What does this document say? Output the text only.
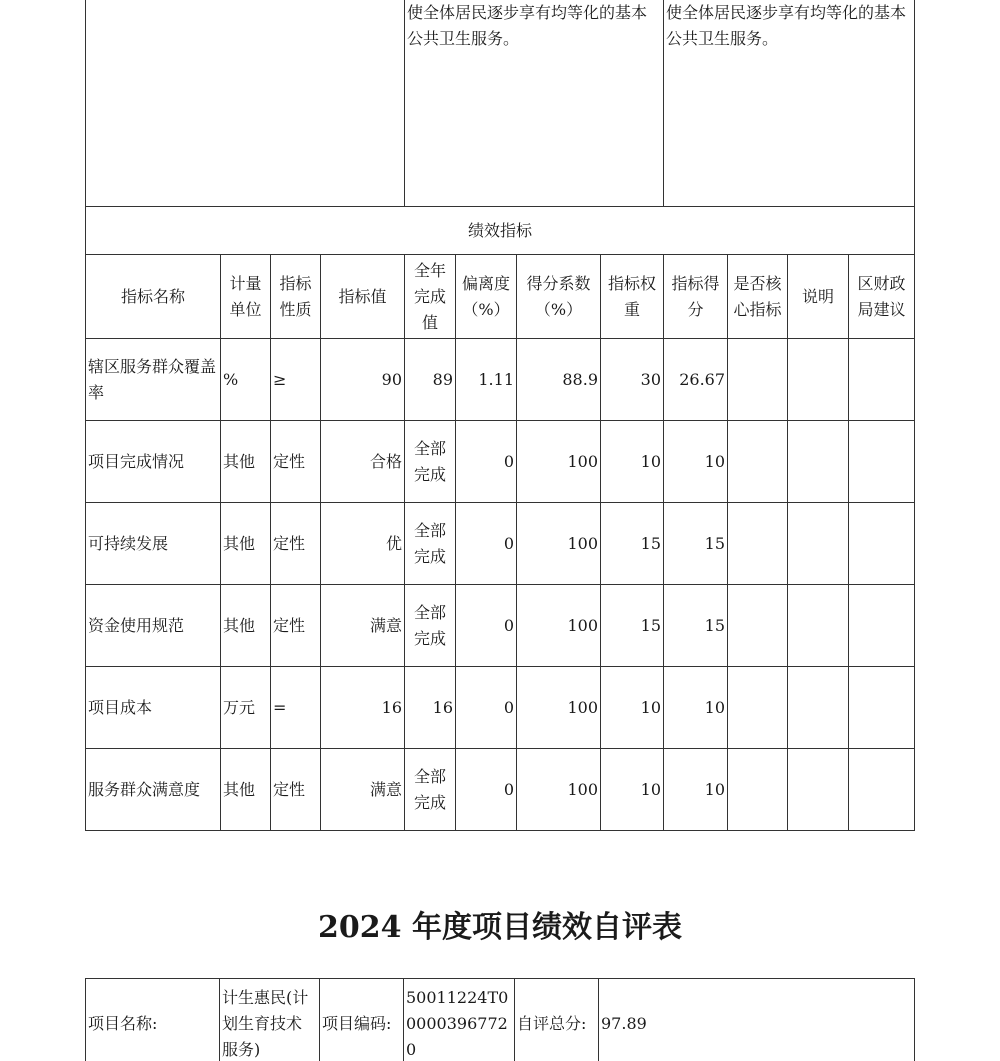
				使全体居民逐步享有均等化的基本公共卫生服务。				使全体居民逐步享有均等化的基本公共卫生服务。			
绩效指标											
指标名称	计量单位	指标性质	指标值	全年完成值	偏离度（%）	得分系数（%）	指标权重	指标得分	是否核心指标	说明	区财政局建议
辖区服务群众覆盖率	%	≥	90	89	1.11	88.9	30	26.67			
项目完成情况	其他	定性	合格	全部完成	0	100	10	10			
可持续发展	其他	定性	优	全部完成	0	100	15	15			
资金使用规范	其他	定性	满意	全部完成	0	100	15	15			
项目成本	万元	=	16	16	0	100	10	10			
服务群众满意度	其他	定性	满意	全部完成	0	100	10	10			
2024 年度项目绩效自评表
项目名称:	计生惠民(计划生育技术服务)	项目编码:	50011224T000003967720	自评总分:	97.89
